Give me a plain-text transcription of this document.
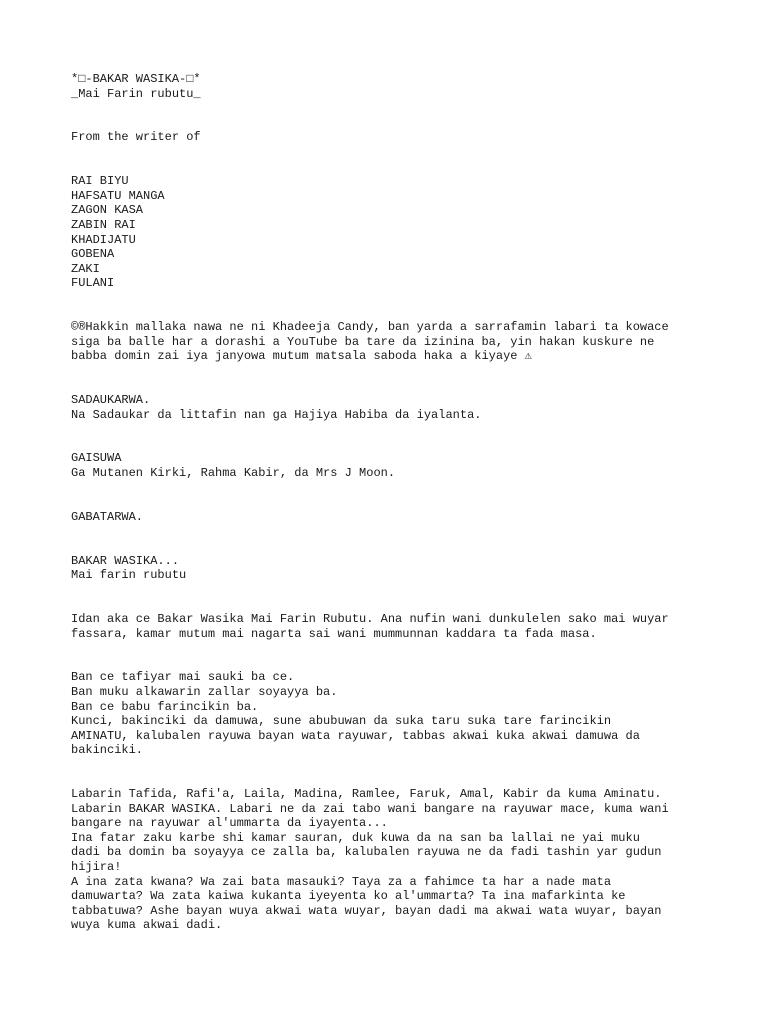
*□-BAKAR WASIKA-□*
_Mai Farin rubutu_
From the writer of
RAI BIYU
HAFSATU MANGA
ZAGON KASA
ZABIN RAI
KHADIJATU
GOBENA
ZAKI
FULANI
©®Hakkin mallaka nawa ne ni Khadeeja Candy, ban yarda a sarrafamin labari ta kowace
siga ba balle har a dorashi a YouTube ba tare da izinina ba, yin hakan kuskure ne
babba domin zai iya janyowa mutum matsala saboda haka a kiyaye ⚠
SADAUKARWA.
Na Sadaukar da littafin nan ga Hajiya Habiba da iyalanta.
GAISUWA
Ga Mutanen Kirki, Rahma Kabir, da Mrs J Moon.
GABATARWA.
BAKAR WASIKA...
Mai farin rubutu
Idan aka ce Bakar Wasika Mai Farin Rubutu. Ana nufin wani dunkulelen sako mai wuyar
fassara, kamar mutum mai nagarta sai wani mummunnan kaddara ta fada masa.
Ban ce tafiyar mai sauki ba ce.
Ban muku alkawarin zallar soyayya ba.
Ban ce babu farincikin ba.
Kunci, bakinciki da damuwa, sune abubuwan da suka taru suka tare farincikin
AMINATU, kalubalen rayuwa bayan wata rayuwar, tabbas akwai kuka akwai damuwa da
bakinciki.
Labarin Tafida, Rafi'a, Laila, Madina, Ramlee, Faruk, Amal, Kabir da kuma Aminatu.
Labarin BAKAR WASIKA. Labari ne da zai tabo wani bangare na rayuwar mace, kuma wani
bangare na rayuwar al'ummarta da iyayenta...
Ina fatar zaku karbe shi kamar sauran, duk kuwa da na san ba lallai ne yai muku
dadi ba domin ba soyayya ce zalla ba, kalubalen rayuwa ne da fadi tashin yar gudun
hijira!
A ina zata kwana? Wa zai bata masauki? Taya za a fahimce ta har a nade mata
damuwarta? Wa zata kaiwa kukanta iyeyenta ko al'ummarta? Ta ina mafarkinta ke
tabbatuwa? Ashe bayan wuya akwai wata wuyar, bayan dadi ma akwai wata wuyar, bayan
wuya kuma akwai dadi.
